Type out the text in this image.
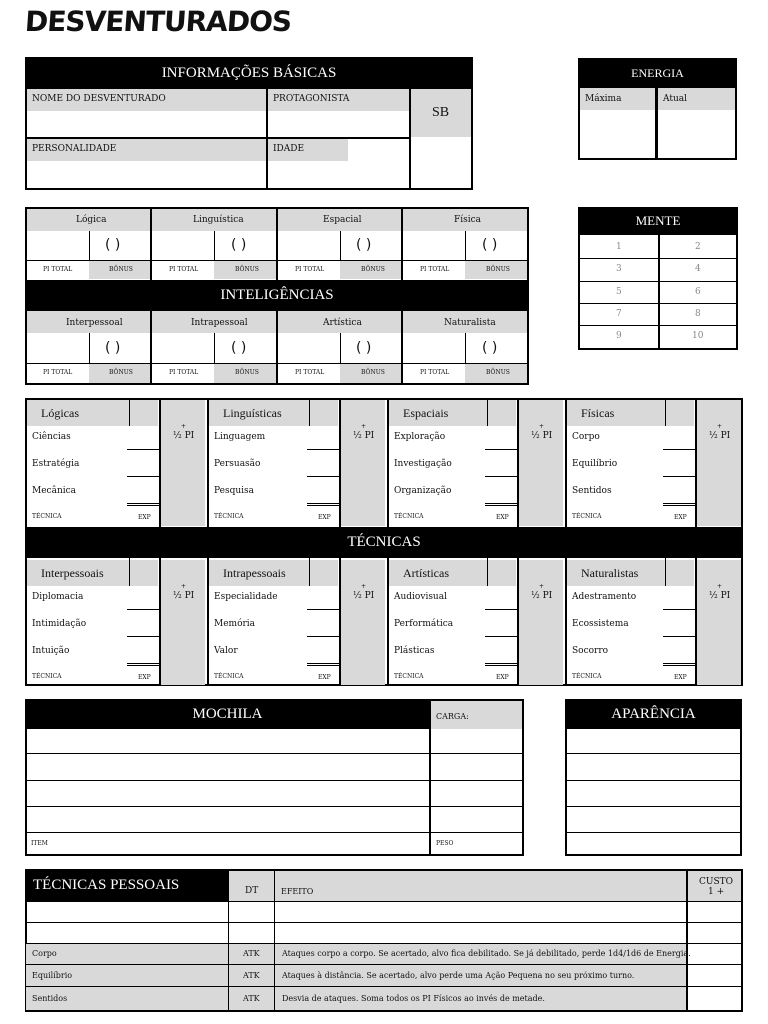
DESVENTURADOS
INFORMAÇÕES BÁSICAS
NOME DO DESVENTURADO	PROTAGONISTA
PERSONALIDADE	IDADE
SB
ENERGIA
Máxima	Atual
MENTE
1	2
3	4
5	6
7	8
9	10
INTELIGÊNCIAS
Lógica	Linguística	Espacial	Física
( )	( )	( )	( )
PI TOTAL	BÔNUS	PI TOTAL	BÔNUS	PI TOTAL	BÔNUS	PI TOTAL	BÔNUS
Interpessoal	Intrapessoal	Artística	Naturalista
( )	( )	( )	( )
PI TOTAL	BÔNUS	PI TOTAL	BÔNUS	PI TOTAL	BÔNUS	PI TOTAL	BÔNUS
TÉCNICAS
Lógicas
+
½ PI
Ciências
Estratégia
Mecânica
TÉCNICA	EXP
Linguísticas
+
½ PI
Linguagem
Persuasão
Pesquisa
TÉCNICA	EXP
Espaciais
+
½ PI
Exploração
Investigação
Organização
TÉCNICA	EXP
Físicas
+
½ PI
Corpo
Equilíbrio
Sentidos
TÉCNICA	EXP
Interpessoais
+
½ PI
Diplomacia
Intimidação
Intuição
TÉCNICA	EXP
Intrapessoais
+
½ PI
Especialidade
Memória
Valor
TÉCNICA	EXP
Artísticas
+
½ PI
Audiovisual
Performática
Plásticas
TÉCNICA	EXP
Naturalistas
+
½ PI
Adestramento
Ecossistema
Socorro
TÉCNICA	EXP
MOCHILA	CARGA:
ITEM	PESO
APARÊNCIA
TÉCNICAS PESSOAIS	DT	EFEITO
CUSTO
1 +
Corpo	ATK	Ataques corpo a corpo. Se acertado, alvo fica debilitado. Se já debilitado, perde 1d4/1d6 de Energia.
Equilíbrio	ATK	Ataques à distância. Se acertado, alvo perde uma Ação Pequena no seu próximo turno.
Sentidos	ATK	Desvia de ataques. Soma todos os PI Físicos ao invés de metade.
